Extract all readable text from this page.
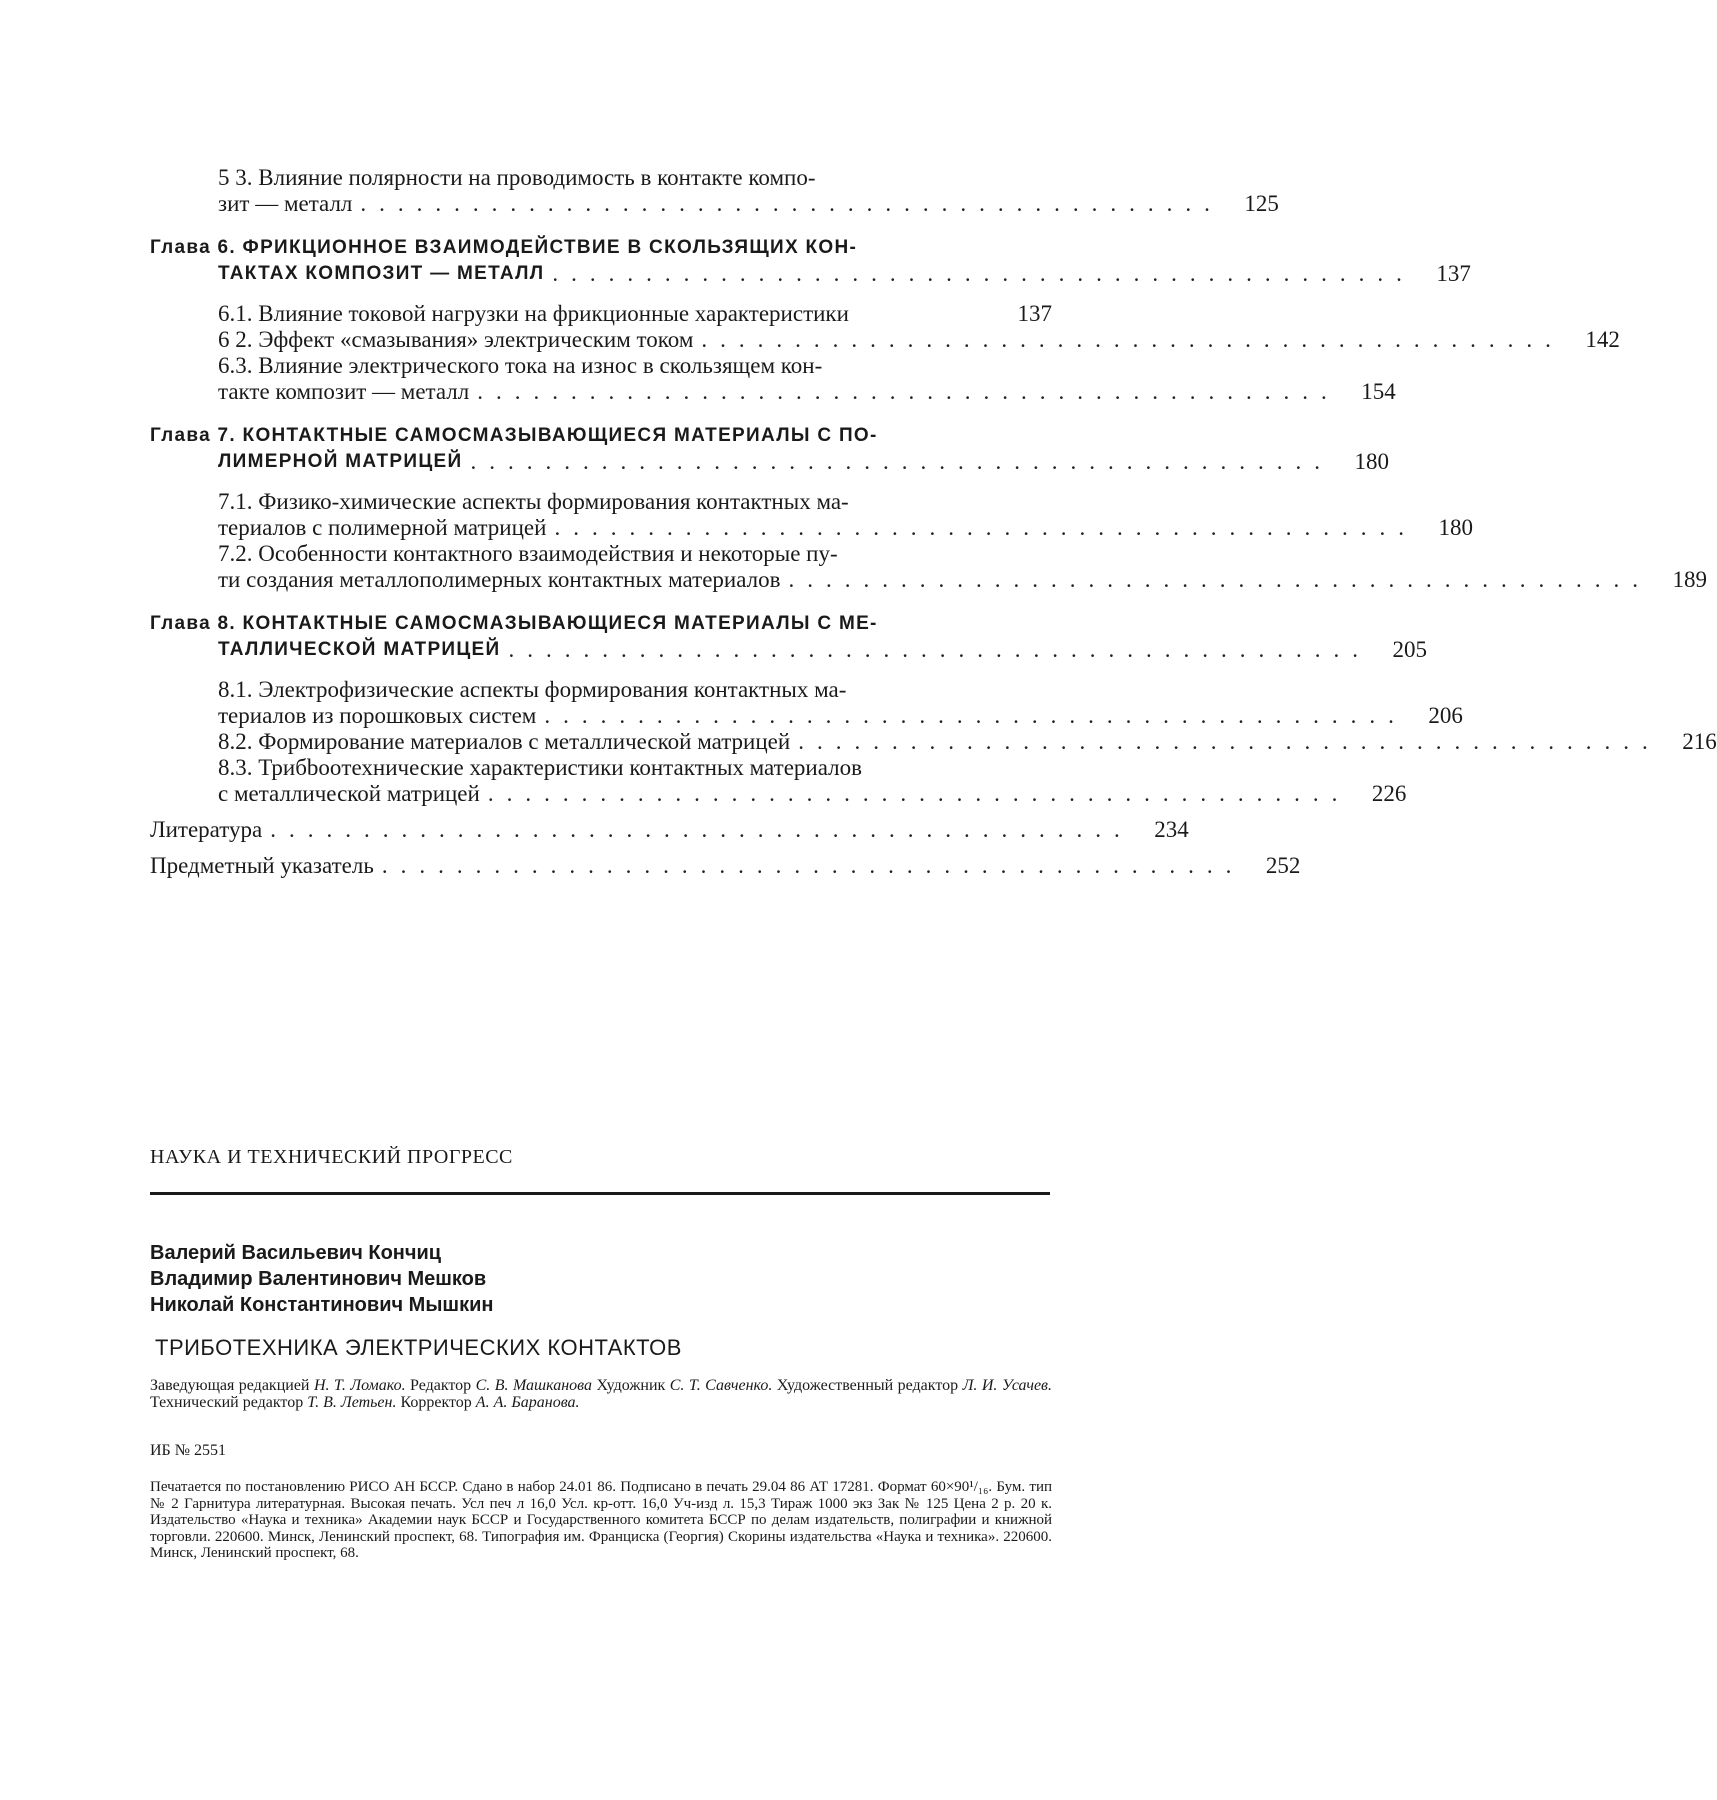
5 3. Влияние полярности на проводимость в контакте компо-
зит — металл .............................................. 125
Глава 6. ФРИКЦИОННОЕ ВЗАИМОДЕЙСТВИЕ В СКОЛЬЗЯЩИХ КОН-
ТАКТАХ КОМПОЗИТ — МЕТАЛЛ .............................................. 137
6.1. Влияние токовой нагрузки на фрикционные характеристики	137
6 2. Эффект «смазывания» электрическим током .............................................. 142
6.3. Влияние электрического тока на износ в скользящем кон-
такте композит — металл .............................................. 154
Глава 7. КОНТАКТНЫЕ САМОСМАЗЫВАЮЩИЕСЯ МАТЕРИАЛЫ С ПО-
ЛИМЕРНОЙ МАТРИЦЕЙ .............................................. 180
7.1. Физико-химические аспекты формирования контактных ма-
териалов с полимерной матрицей .............................................. 180
7.2. Особенности контактного взаимодействия и некоторые пу-
ти создания металлополимерных контактных материалов .............................................. 189
Глава 8. КОНТАКТНЫЕ САМОСМАЗЫВАЮЩИЕСЯ МАТЕРИАЛЫ С МЕ-
ТАЛЛИЧЕСКОЙ МАТРИЦЕЙ .............................................. 205
8.1. Электрофизические аспекты формирования контактных ма-
териалов из порошковых систем .............................................. 206
8.2. Формирование материалов с металлической матрицей .............................................. 216
8.3. Трибbooтехнические характеристики контактных материалов
с металлической матрицей .............................................. 226
Литература .............................................. 234
Предметный указатель .............................................. 252
НАУКА И ТЕХНИЧЕСКИЙ ПРОГРЕСС
Валерий Васильевич Кончиц
Владимир Валентинович Мешков
Николай Константинович Мышкин
ТРИБОТЕХНИКА ЭЛЕКТРИЧЕСКИХ КОНТАКТОВ
Заведующая редакцией Н. Т. Ломако. Редактор С. В. Машканова Художник С. Т. Савченко. Художественный редактор Л. И. Усачев. Технический редактор Т. В. Летьен. Корректор А. А. Баранова.
ИБ № 2551
Печатается по постановлению РИСО АН БССР. Сдано в набор 24.01 86. Подписано в печать 29.04 86 АТ 17281. Формат 60×90¹/₁₆. Бум. тип № 2 Гарнитура литературная. Высокая печать. Усл печ л 16,0 Усл. кр-отт. 16,0 Уч-изд л. 15,3 Тираж 1000 экз Зак № 125 Цена 2 р. 20 к. Издательство «Наука и техника» Академии наук БССР и Государственного комитета БССР по делам издательств, полиграфии и книжной торговли. 220600. Минск, Ленинский проспект, 68. Типография им. Франциска (Георгия) Скорины издательства «Наука и техника». 220600. Минск, Ленинский проспект, 68.
